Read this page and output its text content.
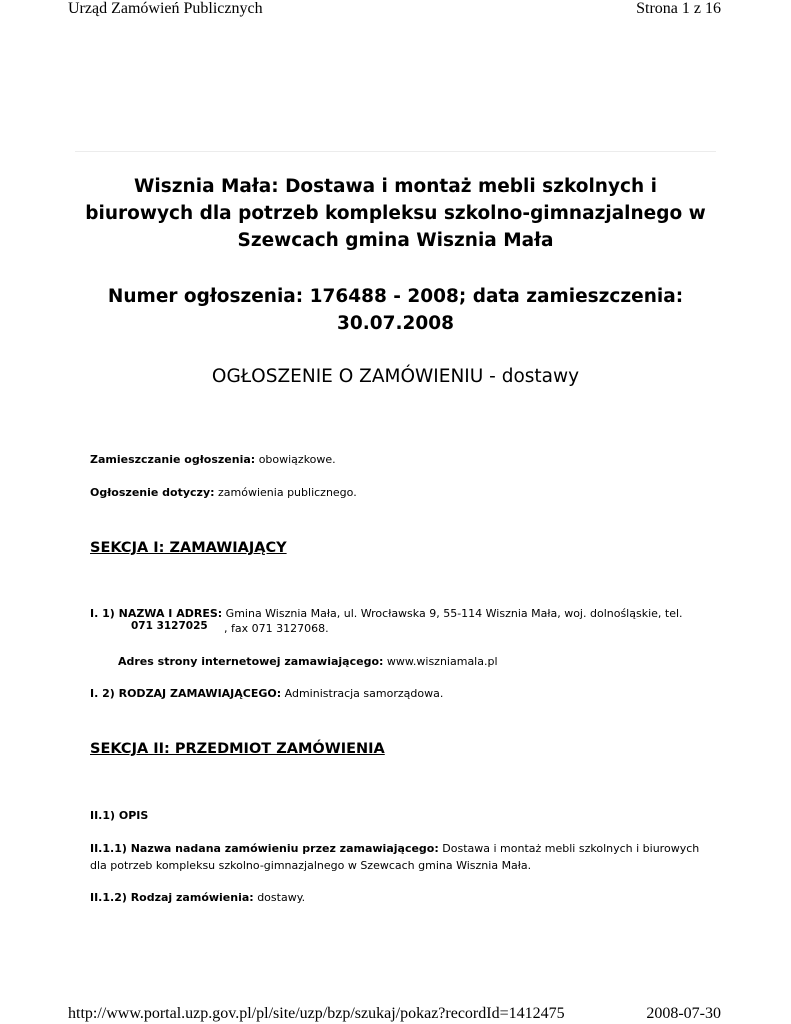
Urząd Zamówień Publicznych	Strona 1 z 16
Wisznia Mała: Dostawa i montaż mebli szkolnych i
biurowych dla potrzeb kompleksu szkolno-gimnazjalnego w
Szewcach gmina Wisznia Mała
Numer ogłoszenia: 176488 - 2008; data zamieszczenia:
30.07.2008
OGŁOSZENIE O ZAMÓWIENIU - dostawy
Zamieszczanie ogłoszenia: obowiązkowe.
Ogłoszenie dotyczy: zamówienia publicznego.
SEKCJA I: ZAMAWIAJĄCY
I. 1) NAZWA I ADRES: Gmina Wisznia Mała, ul. Wrocławska 9, 55-114 Wisznia Mała, woj. dolnośląskie, tel.
071 3127025 , fax 071 3127068.
Adres strony internetowej zamawiającego: www.wiszniamala.pl
I. 2) RODZAJ ZAMAWIAJĄCEGO: Administracja samorządowa.
SEKCJA II: PRZEDMIOT ZAMÓWIENIA
II.1) OPIS
II.1.1) Nazwa nadana zamówieniu przez zamawiającego: Dostawa i montaż mebli szkolnych i biurowych
dla potrzeb kompleksu szkolno-gimnazjalnego w Szewcach gmina Wisznia Mała.
II.1.2) Rodzaj zamówienia: dostawy.
http://www.portal.uzp.gov.pl/pl/site/uzp/bzp/szukaj/pokaz?recordId=1412475	2008-07-30
